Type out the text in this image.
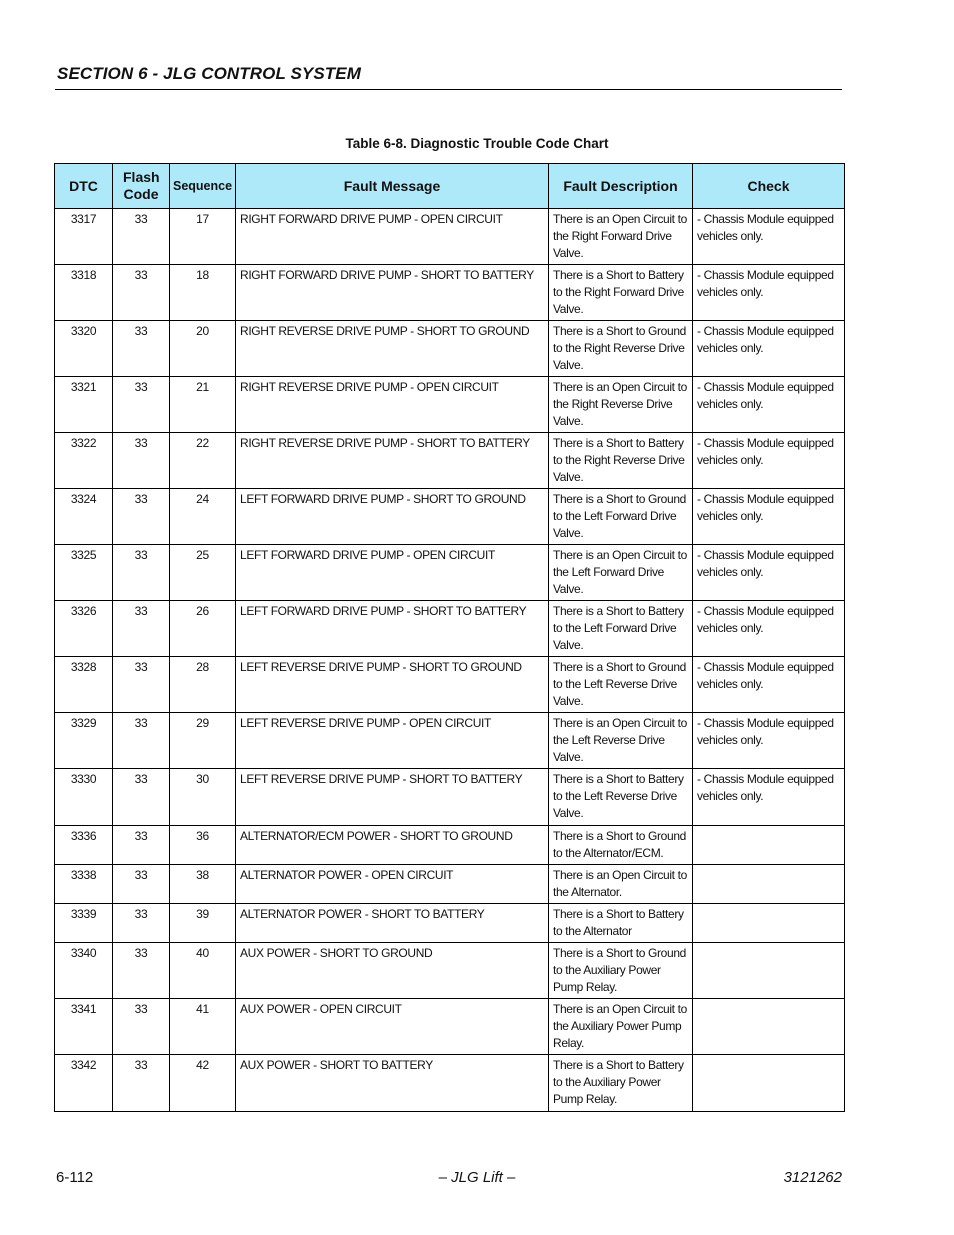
SECTION 6 - JLG CONTROL SYSTEM
Table 6-8. Diagnostic Trouble Code Chart
DTC	Flash Code	Sequence	Fault Message	Fault Description	Check
3317	33	17	RIGHT FORWARD DRIVE PUMP - OPEN CIRCUIT	There is an Open Circuit to the Right Forward Drive Valve.	- Chassis Module equipped vehicles only.
3318	33	18	RIGHT FORWARD DRIVE PUMP - SHORT TO BATTERY	There is a Short to Battery to the Right Forward Drive Valve.	- Chassis Module equipped vehicles only.
3320	33	20	RIGHT REVERSE DRIVE PUMP - SHORT TO GROUND	There is a Short to Ground to the Right Reverse Drive Valve.	- Chassis Module equipped vehicles only.
3321	33	21	RIGHT REVERSE DRIVE PUMP - OPEN CIRCUIT	There is an Open Circuit to the Right Reverse Drive Valve.	- Chassis Module equipped vehicles only.
3322	33	22	RIGHT REVERSE DRIVE PUMP - SHORT TO BATTERY	There is a Short to Battery to the Right Reverse Drive Valve.	- Chassis Module equipped vehicles only.
3324	33	24	LEFT FORWARD DRIVE PUMP - SHORT TO GROUND	There is a Short to Ground to the Left Forward Drive Valve.	- Chassis Module equipped vehicles only.
3325	33	25	LEFT FORWARD DRIVE PUMP - OPEN CIRCUIT	There is an Open Circuit to the Left Forward Drive Valve.	- Chassis Module equipped vehicles only.
3326	33	26	LEFT FORWARD DRIVE PUMP - SHORT TO BATTERY	There is a Short to Battery to the Left Forward Drive Valve.	- Chassis Module equipped vehicles only.
3328	33	28	LEFT REVERSE DRIVE PUMP - SHORT TO GROUND	There is a Short to Ground to the Left Reverse Drive Valve.	- Chassis Module equipped vehicles only.
3329	33	29	LEFT REVERSE DRIVE PUMP - OPEN CIRCUIT	There is an Open Circuit to the Left Reverse Drive Valve.	- Chassis Module equipped vehicles only.
3330	33	30	LEFT REVERSE DRIVE PUMP - SHORT TO BATTERY	There is a Short to Battery to the Left Reverse Drive Valve.	- Chassis Module equipped vehicles only.
3336	33	36	ALTERNATOR/ECM POWER - SHORT TO GROUND	There is a Short to Ground to the Alternator/ECM.	
3338	33	38	ALTERNATOR POWER - OPEN CIRCUIT	There is an Open Circuit to the Alternator.	
3339	33	39	ALTERNATOR POWER - SHORT TO BATTERY	There is a Short to Battery to the Alternator	
3340	33	40	AUX POWER - SHORT TO GROUND	There is a Short to Ground to the Auxiliary Power Pump Relay.	
3341	33	41	AUX POWER - OPEN CIRCUIT	There is an Open Circuit to the Auxiliary Power Pump Relay.	
3342	33	42	AUX POWER - SHORT TO BATTERY	There is a Short to Battery to the Auxiliary Power Pump Relay.	
6-112	– JLG Lift –	3121262
